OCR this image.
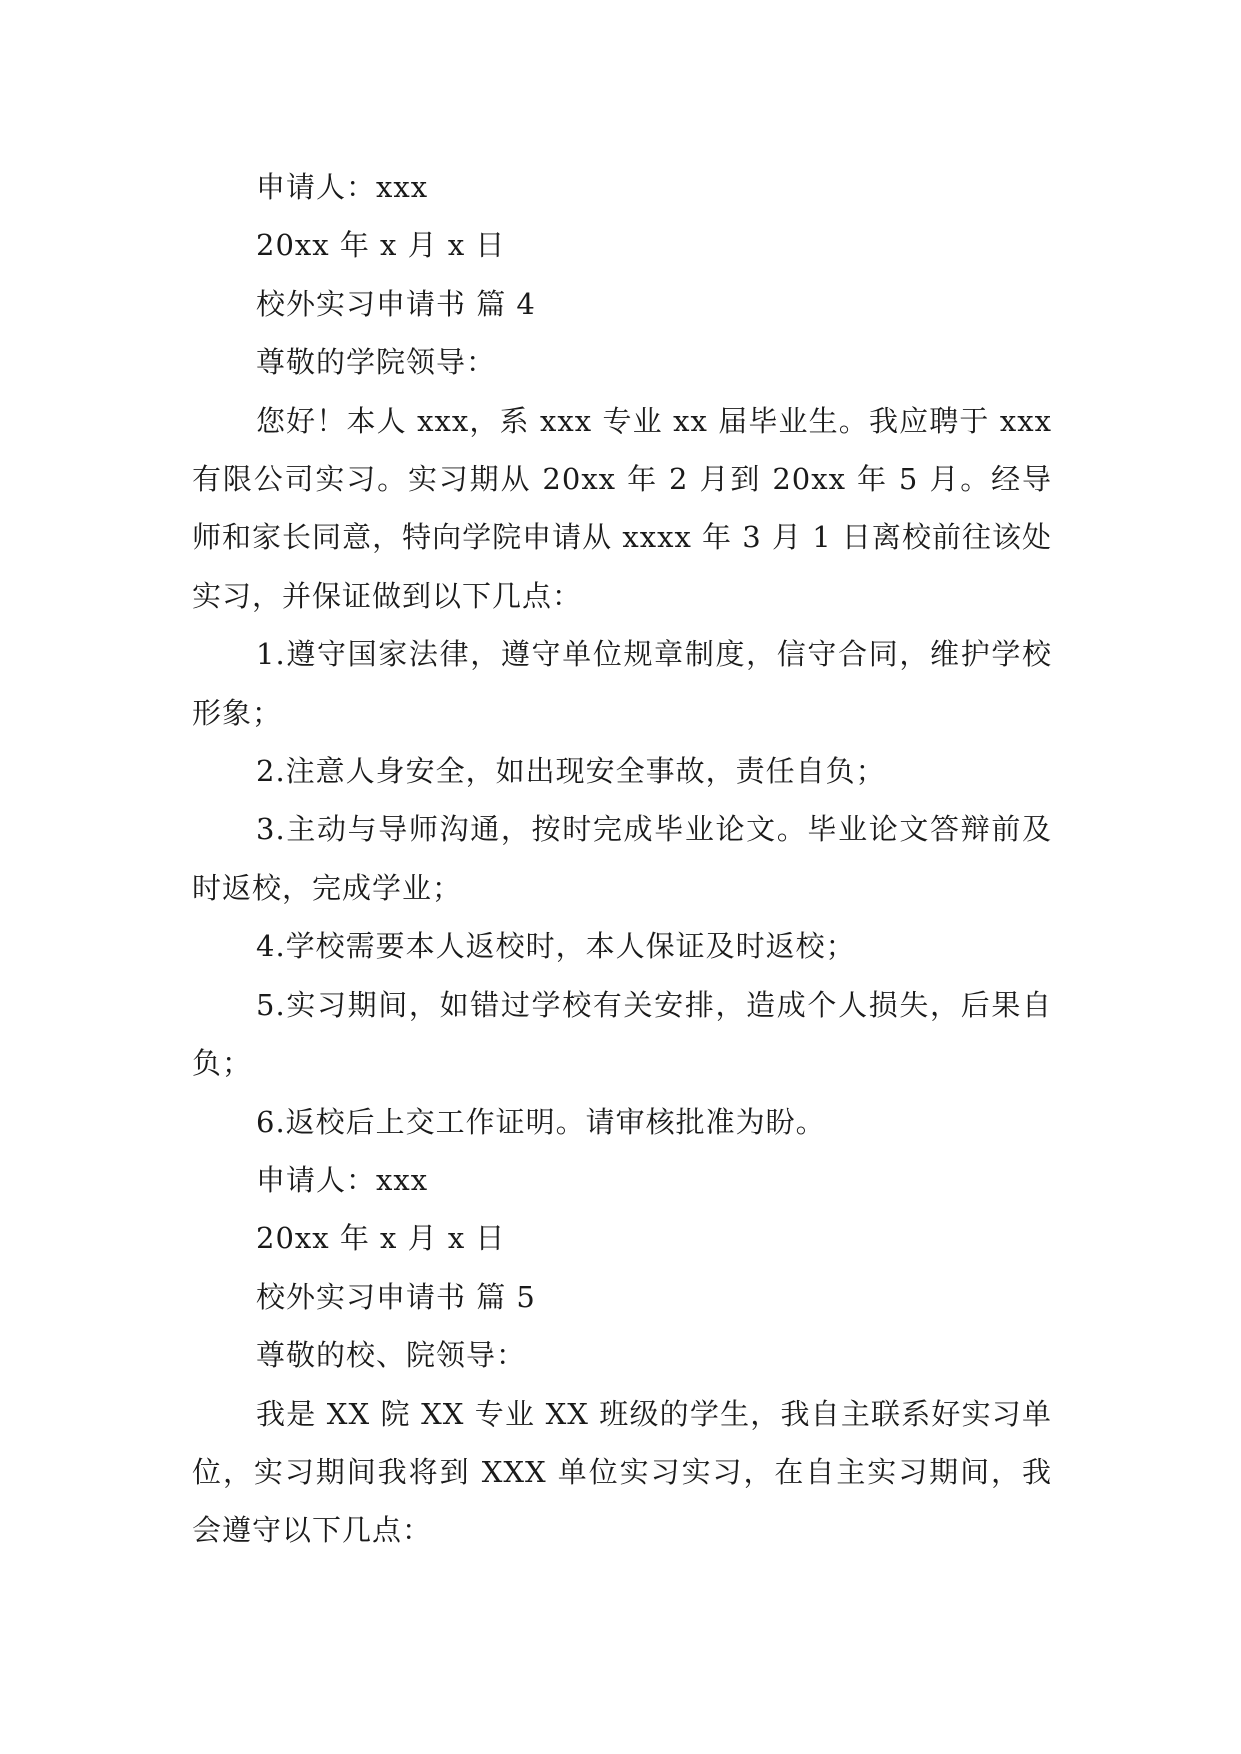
申请人：xxx

20xx 年 x 月 x 日

校外实习申请书 篇 4

尊敬的学院领导：

您好！本人 xxx，系 xxx 专业 xx 届毕业生。我应聘于 xxx 有限公司实习。实习期从 20xx 年 2 月到 20xx 年 5 月。经导师和家长同意，特向学院申请从 xxxx 年 3 月 1 日离校前往该处实习，并保证做到以下几点：

1.遵守国家法律，遵守单位规章制度，信守合同，维护学校形象；

2.注意人身安全，如出现安全事故，责任自负；

3.主动与导师沟通，按时完成毕业论文。毕业论文答辩前及时返校，完成学业；

4.学校需要本人返校时，本人保证及时返校；

5.实习期间，如错过学校有关安排，造成个人损失，后果自负；

6.返校后上交工作证明。请审核批准为盼。

申请人：xxx

20xx 年 x 月 x 日

校外实习申请书 篇 5

尊敬的校、院领导：

我是 XX 院 XX 专业 XX 班级的学生，我自主联系好实习单位，实习期间我将到 XXX 单位实习实习，在自主实习期间，我会遵守以下几点：
